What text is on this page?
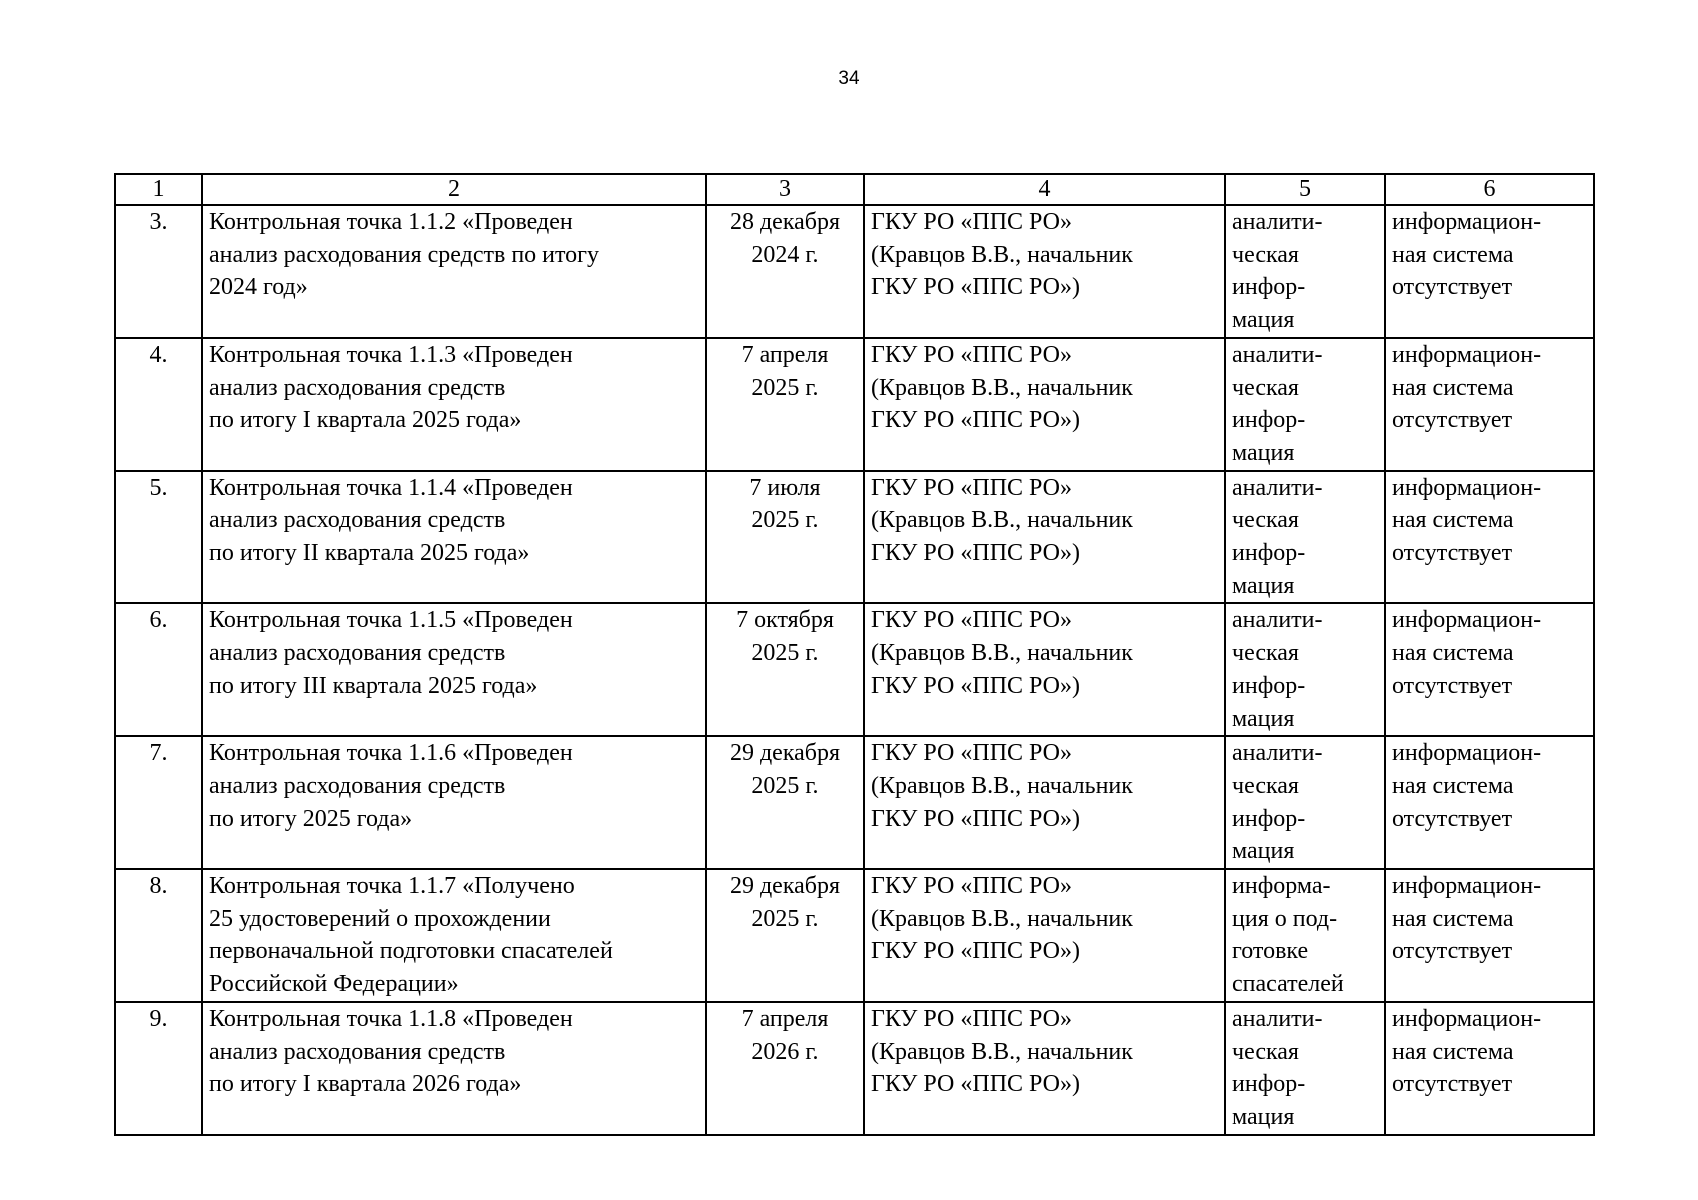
34
1	2	3	4	5	6
3.	Контрольная точка 1.1.2 «Проведен
анализ расходования средств по итогу
2024 год»	28 декабря
2024 г.	ГКУ РО «ППС РО»
(Кравцов В.В., начальник
ГКУ РО «ППС РО»)	аналити-
ческая
инфор-
мация	информацион-
ная система
отсутствует

4.	Контрольная точка 1.1.3 «Проведен
анализ расходования средств
по итогу I квартала 2025 года»	7 апреля
2025 г.	ГКУ РО «ППС РО»
(Кравцов В.В., начальник
ГКУ РО «ППС РО»)	аналити-
ческая
инфор-
мация	информацион-
ная система
отсутствует

5.	Контрольная точка 1.1.4 «Проведен
анализ расходования средств
по итогу II квартала 2025 года»	7 июля
2025 г.	ГКУ РО «ППС РО»
(Кравцов В.В., начальник
ГКУ РО «ППС РО»)	аналити-
ческая
инфор-
мация	информацион-
ная система
отсутствует

6.	Контрольная точка 1.1.5 «Проведен
анализ расходования средств
по итогу III квартала 2025 года»	7 октября
2025 г.	ГКУ РО «ППС РО»
(Кравцов В.В., начальник
ГКУ РО «ППС РО»)	аналити-
ческая
инфор-
мация	информацион-
ная система
отсутствует

7.	Контрольная точка 1.1.6 «Проведен
анализ расходования средств
по итогу 2025 года»	29 декабря
2025 г.	ГКУ РО «ППС РО»
(Кравцов В.В., начальник
ГКУ РО «ППС РО»)	аналити-
ческая
инфор-
мация	информацион-
ная система
отсутствует

8.	Контрольная точка 1.1.7 «Получено
25 удостоверений о прохождении
первоначальной подготовки спасателей
Российской Федерации»	29 декабря
2025 г.	ГКУ РО «ППС РО»
(Кравцов В.В., начальник
ГКУ РО «ППС РО»)	информа-
ция о под-
готовке
спасателей	информацион-
ная система
отсутствует

9.	Контрольная точка 1.1.8 «Проведен
анализ расходования средств
по итогу I квартала 2026 года»	7 апреля
2026 г.	ГКУ РО «ППС РО»
(Кравцов В.В., начальник
ГКУ РО «ППС РО»)	аналити-
ческая
инфор-
мация	информацион-
ная система
отсутствует
